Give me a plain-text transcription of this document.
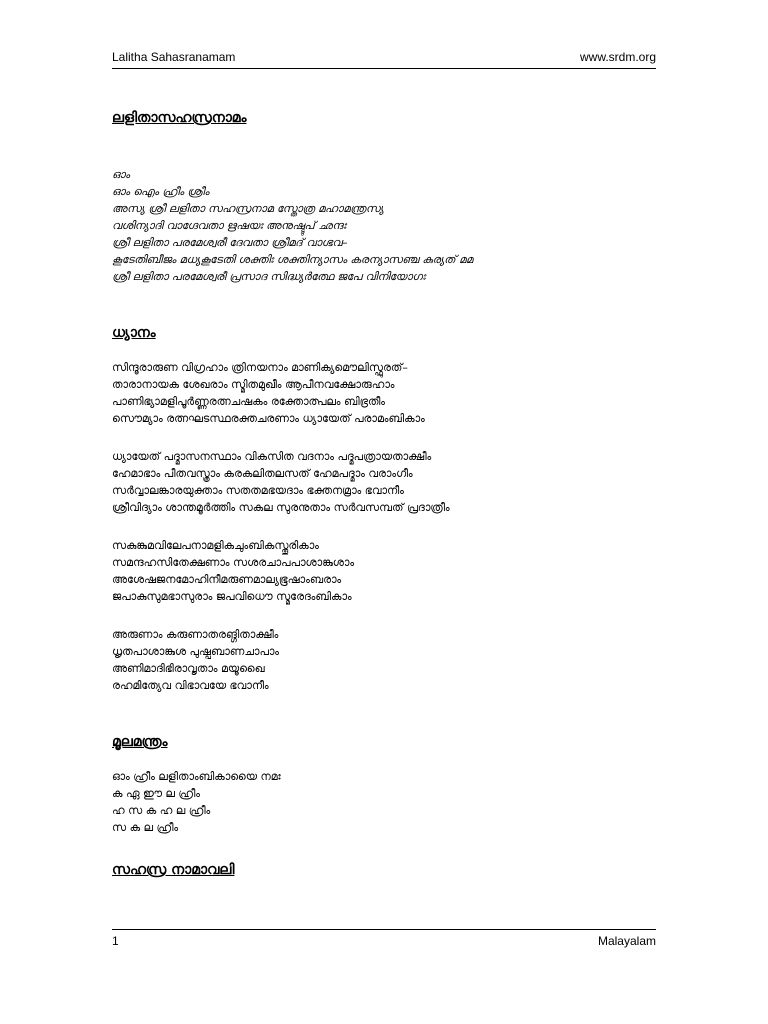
Lalitha Sahasranamam	www.srdm.org
ലളിതാസഹസ്രനാമം
ഓം
ഓം ഐം ഹ്രീം ശ്രീം
അസ്യ ശ്രീ ലളിതാ സഹസ്രനാമ സ്തോത്ര മഹാമന്ത്രസ്യ
വശിന്യാദി വാഗ്ദേവതാ ഋഷയഃ അനുഷ്ടുപ് ഛന്ദഃ
ശ്രീ ലളിതാ പരമേശ്വരീ ദേവതാ ശ്രീമദ് വാഗ്ഭവ–
കൂടേതിബീജം മധ്യകൂടേതി ശക്തിഃ ശക്തിന്യാസം കരന്യാസഞ്ച കുര്യത് മമ
ശ്രീ ലളിതാ പരമേശ്വരീ പ്രസാദ സിദ്ധ്യർത്ഥേ ജപേ വിനിയോഗഃ
ധ്യാനം
സിന്ദൂരാരുണ വിഗ്രഹാം ത്രിനയനാം മാണിക്യമൌലിസ്ഫുരത്–
താരാനായക ശേഖരാം സ്മിതമുഖീം ആപീനവക്ഷോരുഹാം
പാണിഭ്യാമളിപൂർണ്ണരത്നചഷകം രക്തോത്പലം ബിഭ്രതീം
സൌമ്യാം രത്നഘടസ്ഥരക്തചരണാം ധ്യായേത് പരാമംബികാം
ധ്യായേത് പദ്മാസനസ്ഥാം വികസിത വദനാം പദ്മപത്രായതാക്ഷീം
ഹേമാഭാം പീതവസ്ത്രാം കരകലിതലസത് ഹേമപദ്മാം വരാംഗീം
സർവ്വാലങ്കാരയുക്താം സതതമഭയദാം ഭക്തനമ്രാം ഭവാനീം
ശ്രീവിദ്യാം ശാന്തമൂർത്തിം സകല സുരനുതാം സർവസമ്പത് പ്രദാത്രീം
സകുങ്കുമവിലേപനാമളികചുംബികസ്തൂരികാം
സമന്ദഹസിതേക്ഷണാം സശരചാപപാശാങ്കുശാം
അശേഷജനമോഹിനീമരുണമാല്യഭൂഷാംബരാം
ജപാകുസുമഭാസുരാം ജപവിധൌ സ്മരേദംബികാം
അരുണാം കരുണാതരങ്ഗിതാക്ഷീം
ധൃതപാശാങ്കുശ പുഷ്പബാണചാപാം
അണിമാദിഭിരാവൃതാം മയൂഖൈ
രഹമിത്യേവ വിഭാവയേ ഭവാനീം
മൂലമന്ത്രം
ഓം ഹ്രീം ലളിതാംബികായൈ നമഃ
ക ഏ ഈ ല ഹ്രീം
ഹ സ ക ഹ ല ഹ്രീം
സ ക ല ഹ്രീം
സഹസ്ര നാമാവലി
1	Malayalam
